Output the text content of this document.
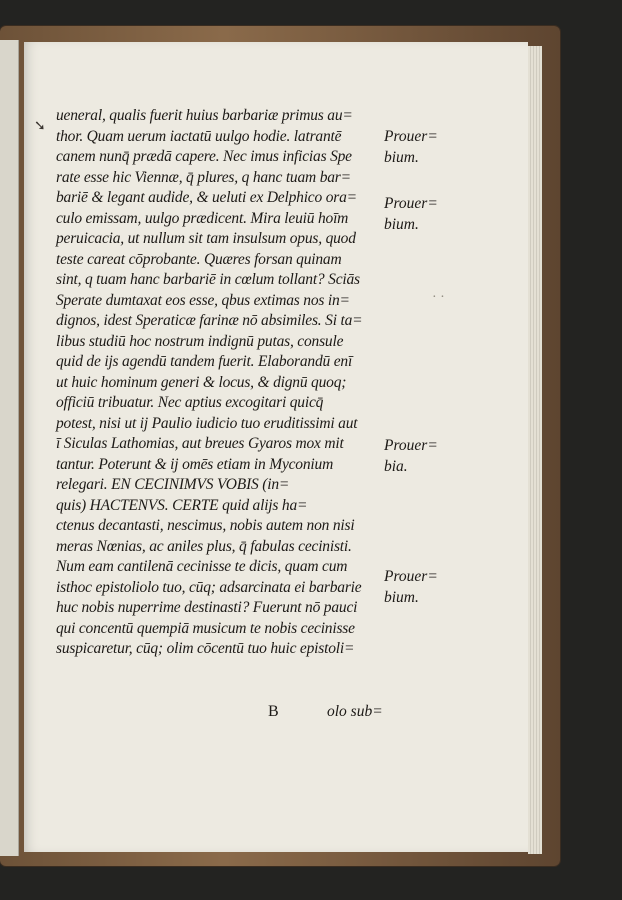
➘
ueneral, qualis fuerit huius barbariæ primus au=
thor. Quam uerum iactatū uulgo hodie. latrantē
canem nunq̄ prædā capere. Nec imus inficias Spe
rate esse hic Viennæ, q̄ plures, q hanc tuam bar=
bariē & legant audide, & ueluti ex Delphico ora=
culo emissam, uulgo prædicent. Mira leuiū hoīm
peruicacia, ut nullum sit tam insulsum opus, quod
teste careat cōprobante. Quæres forsan quinam
sint, q tuam hanc barbariē in cœlum tollant? Sciās
Sperate dumtaxat eos esse, qbus extimas nos in=
dignos, idest Speraticæ farinæ nō absimiles. Si ta=
libus studiū hoc nostrum indignū putas, consule
quid de ijs agendū tandem fuerit. Elaborandū enī
ut huic hominum generi & locus, & dignū quoq;
officiū tribuatur. Nec aptius excogitari quicq̄
potest, nisi ut ij Paulio iudicio tuo eruditissimi aut
ī Siculas Lathomias, aut breues Gyaros mox mit
tantur. Poterunt & ij omēs etiam in Myconium
relegari. EN CECINIMVS VOBIS (in=
quis) HACTENVS. CERTE quid alijs ha=
ctenus decantasti, nescimus, nobis autem non nisi
meras Nœnias, ac aniles plus, q̄ fabulas cecinisti.
Num eam cantilenā cecinisse te dicis, quam cum
isthoc epistoliolo tuo, cūq; adsarcinata ei barbarie
huc nobis nuperrime destinasti? Fuerunt nō pauci
qui concentū quempiā musicum te nobis cecinisse
suspicaretur, cūq; olim cōcentū tuo huic epistoli=
Prouer=
bium.
Prouer=
bium.
Prouer=
bia.
Prouer=
bium.
· ·
B	olo sub=
